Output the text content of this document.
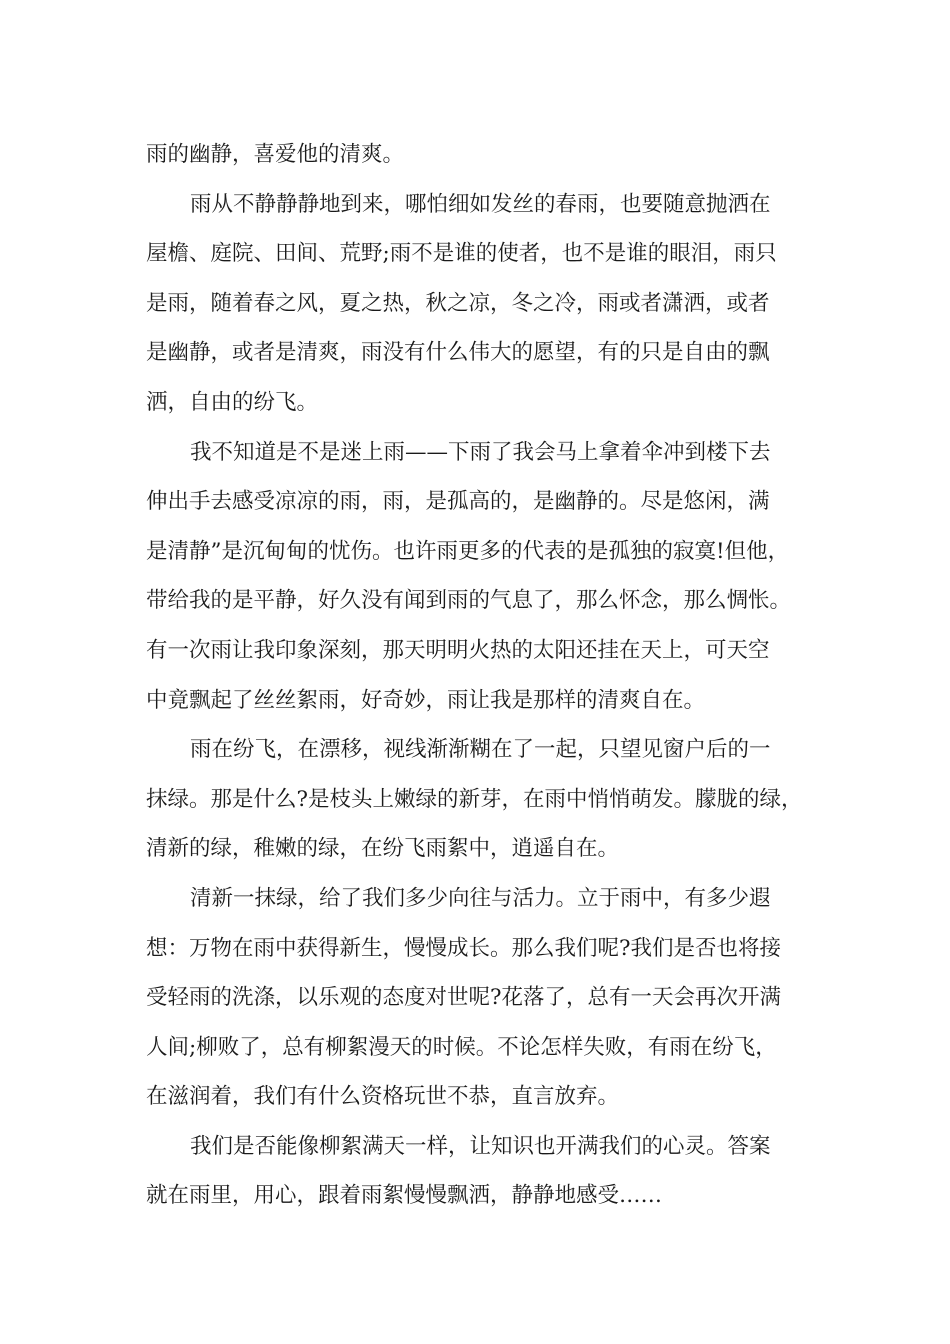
雨的幽静，喜爱他的清爽。
雨从不静静静地到来，哪怕细如发丝的春雨，也要随意抛洒在
屋檐、庭院、田间、荒野;雨不是谁的使者，也不是谁的眼泪，雨只
是雨，随着春之风，夏之热，秋之凉，冬之冷，雨或者潇洒，或者
是幽静，或者是清爽，雨没有什么伟大的愿望，有的只是自由的飘
洒，自由的纷飞。
我不知道是不是迷上雨——下雨了我会马上拿着伞冲到楼下去
伸出手去感受凉凉的雨，雨，是孤高的，是幽静的。尽是悠闲，满
是清静”是沉甸甸的忧伤。也许雨更多的代表的是孤独的寂寞!但他，
带给我的是平静，好久没有闻到雨的气息了，那么怀念，那么惆怅。
有一次雨让我印象深刻，那天明明火热的太阳还挂在天上，可天空
中竟飘起了丝丝絮雨，好奇妙，雨让我是那样的清爽自在。
雨在纷飞，在漂移，视线渐渐糊在了一起，只望见窗户后的一
抹绿。那是什么?是枝头上嫩绿的新芽，在雨中悄悄萌发。朦胧的绿，
清新的绿，稚嫩的绿，在纷飞雨絮中，逍遥自在。
清新一抹绿，给了我们多少向往与活力。立于雨中，有多少遐
想：万物在雨中获得新生，慢慢成长。那么我们呢?我们是否也将接
受轻雨的洗涤，以乐观的态度对世呢?花落了，总有一天会再次开满
人间;柳败了，总有柳絮漫天的时候。不论怎样失败，有雨在纷飞，
在滋润着，我们有什么资格玩世不恭，直言放弃。
我们是否能像柳絮满天一样，让知识也开满我们的心灵。答案
就在雨里，用心，跟着雨絮慢慢飘洒，静静地感受……
